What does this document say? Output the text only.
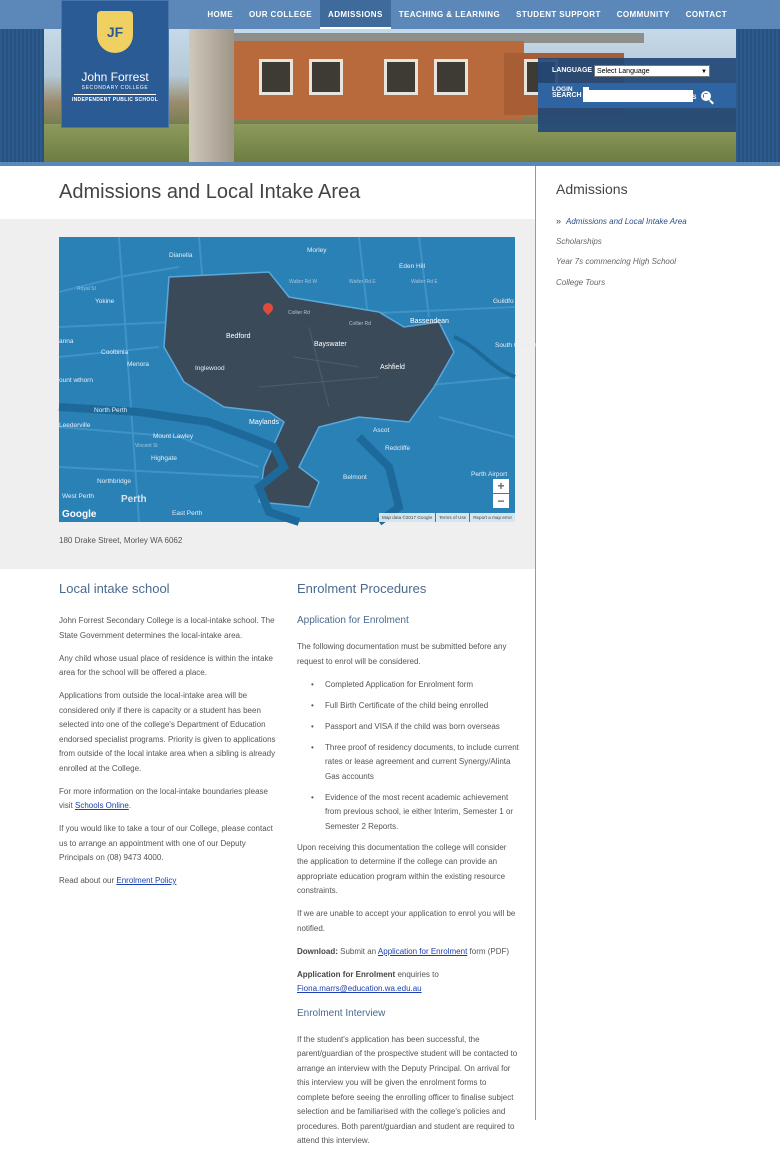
HOME	OUR COLLEGE	ADMISSIONS	TEACHING & LEARNING	STUDENT SUPPORT	COMMUNITY	CONTACT
LANGUAGE Select Language	▼
SEARCH
LOGIN
QUICKLINKS
JF
John Forrest
SECONDARY COLLEGE
INDEPENDENT PUBLIC SCHOOL
Admissions and Local Intake Area
Morley
Dianella
Eden Hill
Royal St
Walter Rd W	Walter Rd E	Walter Rd E
Guildfo
Yokine
Collier Rd
Collier Rd	Bassendean
anna
Coolbinia
Bedford
Bayswater	South Guildfor
Menora
Inglewood	Ashfield
ount wthorn
North Perth
Leederville	Maylands
Ascot
Mount Lawley
Vincent St	Redcliffe
Highgate
Perth Airport
Belmont
Northbridge
West Perth	Perth
East Perth
+
−
Google	Map data ©2017 Google	Terms of Use	Report a map error
180 Drake Street, Morley WA 6062
Admissions
» Admissions and Local Intake Area
Scholarships
Year 7s commencing High School
College Tours
Local intake school

John Forrest Secondary College is a local-intake school. The State Government determines the local-intake area.

Any child whose usual place of residence is within the intake area for the school will be offered a place.

Applications from outside the local-intake area will be considered only if there is capacity or a student has been selected into one of the college's Department of Education endorsed specialist programs. Priority is given to applications from outside of the local intake area when a sibling is already enrolled at the College.

For more information on the local-intake boundaries please visit Schools Online.

If you would like to take a tour of our College, please contact us to arrange an appointment with one of our Deputy Principals on (08) 9473 4000.

Read about our Enrolment Policy

Enrolment Procedures
Application for Enrolment

The following documentation must be submitted before any request to enrol will be considered.

• Completed Application for Enrolment form
• Full Birth Certificate of the child being enrolled
• Passport and VISA if the child was born overseas
• Three proof of residency documents, to include current rates or lease agreement and current Synergy/Alinta Gas accounts
• Evidence of the most recent academic achievement from previous school, ie either Interim, Semester 1 or Semester 2 Reports.

Upon receiving this documentation the college will consider the application to determine if the college can provide an appropriate education program within the existing resource constraints.

If we are unable to accept your application to enrol you will be notified.

Download: Submit an Application for Enrolment form (PDF)

Application for Enrolment enquiries to
Fiona.marrs@education.wa.edu.au

Enrolment Interview

If the student's application has been successful, the parent/guardian of the prospective student will be contacted to arrange an interview with the Deputy Principal. On arrival for this interview you will be given the enrolment forms to complete before seeing the enrolling officer to finalise subject selection and be familiarised with the college's policies and procedures. Both parent/guardian and student are required to attend this interview.
